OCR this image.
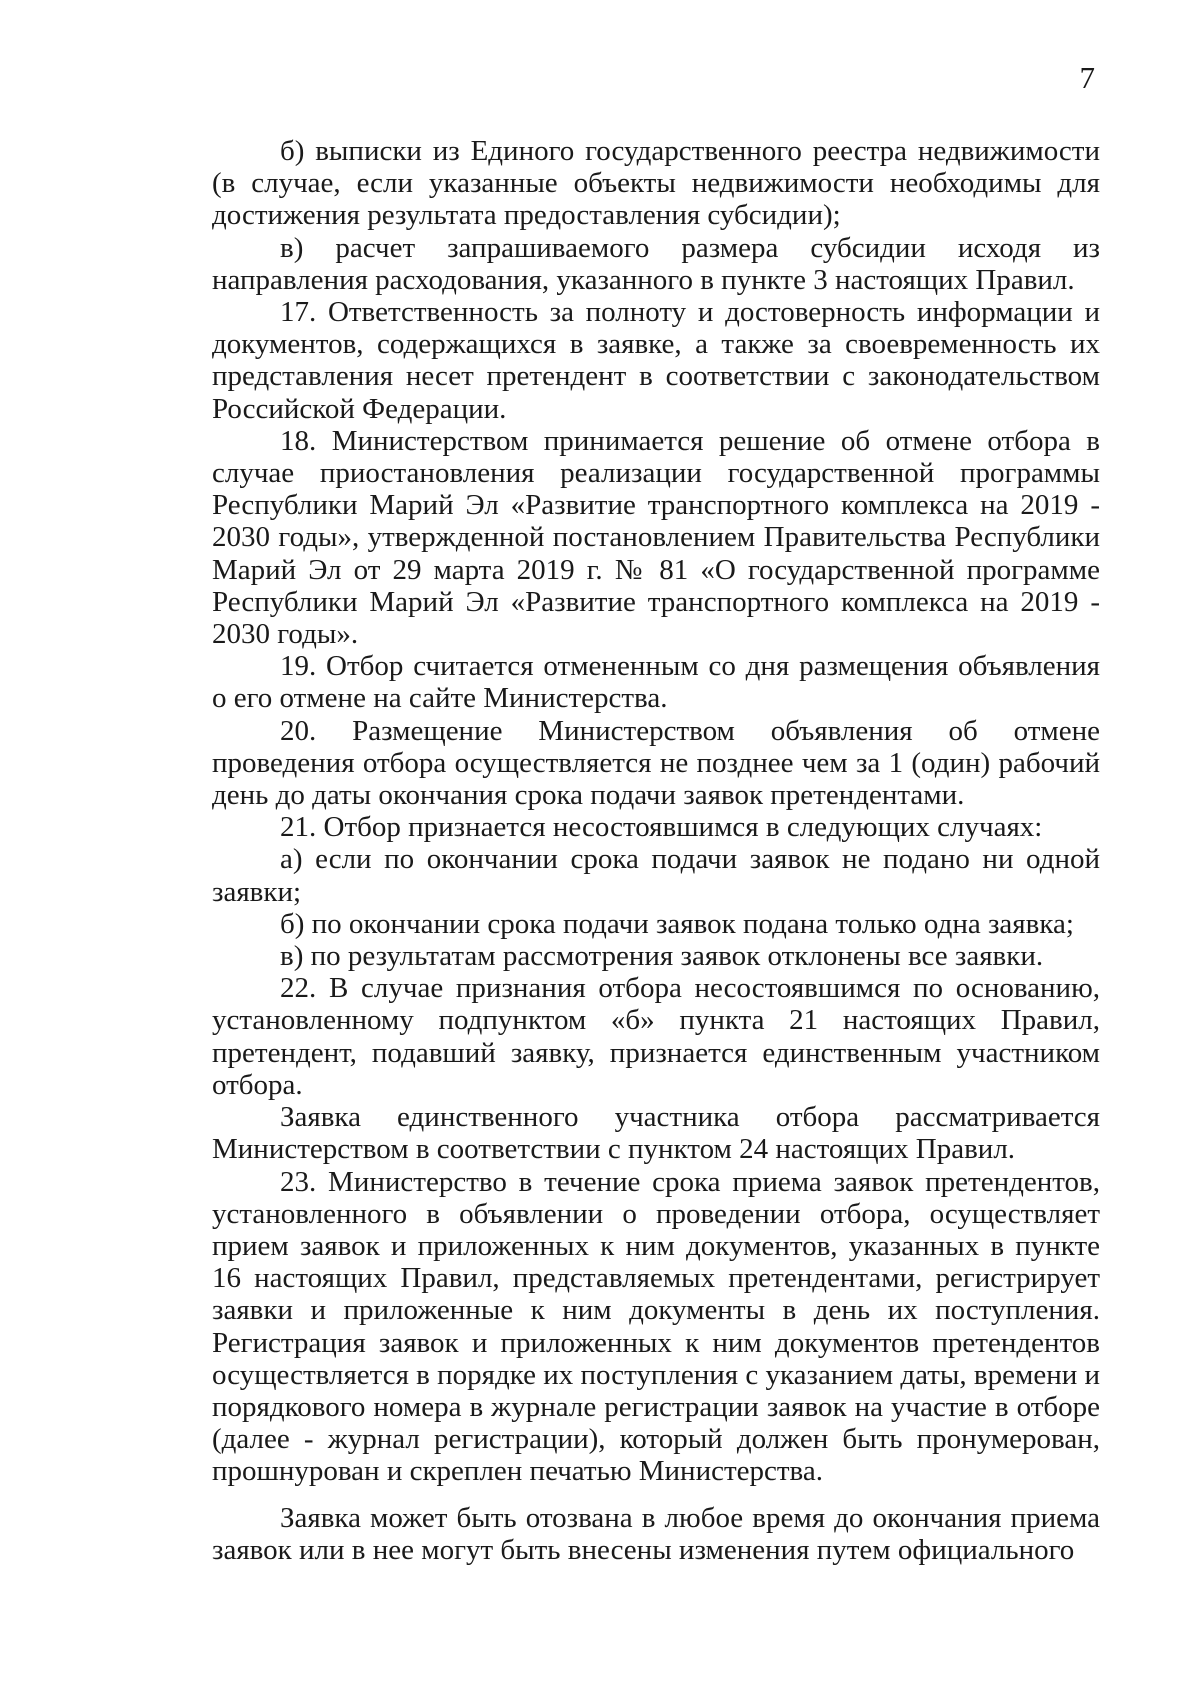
7

б) выписки из Единого государственного реестра недвижимости (в случае, если указанные объекты недвижимости необходимы для достижения результата предоставления субсидии);

в) расчет запрашиваемого размера субсидии исходя из направления расходования, указанного в пункте 3 настоящих Правил.

17. Ответственность за полноту и достоверность информации и документов, содержащихся в заявке, а также за своевременность их представления несет претендент в соответствии с законодательством Российской Федерации.

18. Министерством принимается решение об отмене отбора в случае приостановления реализации государственной программы Республики Марий Эл «Развитие транспортного комплекса на 2019 - 2030 годы», утвержденной постановлением Правительства Республики Марий Эл от 29 марта 2019 г. № 81 «О государственной программе Республики Марий Эл «Развитие транспортного комплекса на 2019 - 2030 годы».

19. Отбор считается отмененным со дня размещения объявления о его отмене на сайте Министерства.

20. Размещение Министерством объявления об отмене проведения отбора осуществляется не позднее чем за 1 (один) рабочий день до даты окончания срока подачи заявок претендентами.

21. Отбор признается несостоявшимся в следующих случаях:

а) если по окончании срока подачи заявок не подано ни одной заявки;

б) по окончании срока подачи заявок подана только одна заявка;

в) по результатам рассмотрения заявок отклонены все заявки.

22. В случае признания отбора несостоявшимся по основанию, установленному подпунктом «б» пункта 21 настоящих Правил, претендент, подавший заявку, признается единственным участником отбора.

Заявка единственного участника отбора рассматривается Министерством в соответствии с пунктом 24 настоящих Правил.

23. Министерство в течение срока приема заявок претендентов, установленного в объявлении о проведении отбора, осуществляет прием заявок и приложенных к ним документов, указанных в пункте 16 настоящих Правил, представляемых претендентами, регистрирует заявки и приложенные к ним документы в день их поступления. Регистрация заявок и приложенных к ним документов претендентов осуществляется в порядке их поступления с указанием даты, времени и порядкового номера в журнале регистрации заявок на участие в отборе (далее - журнал регистрации), который должен быть пронумерован, прошнурован и скреплен печатью Министерства.

Заявка может быть отозвана в любое время до окончания приема заявок или в нее могут быть внесены изменения путем официального
